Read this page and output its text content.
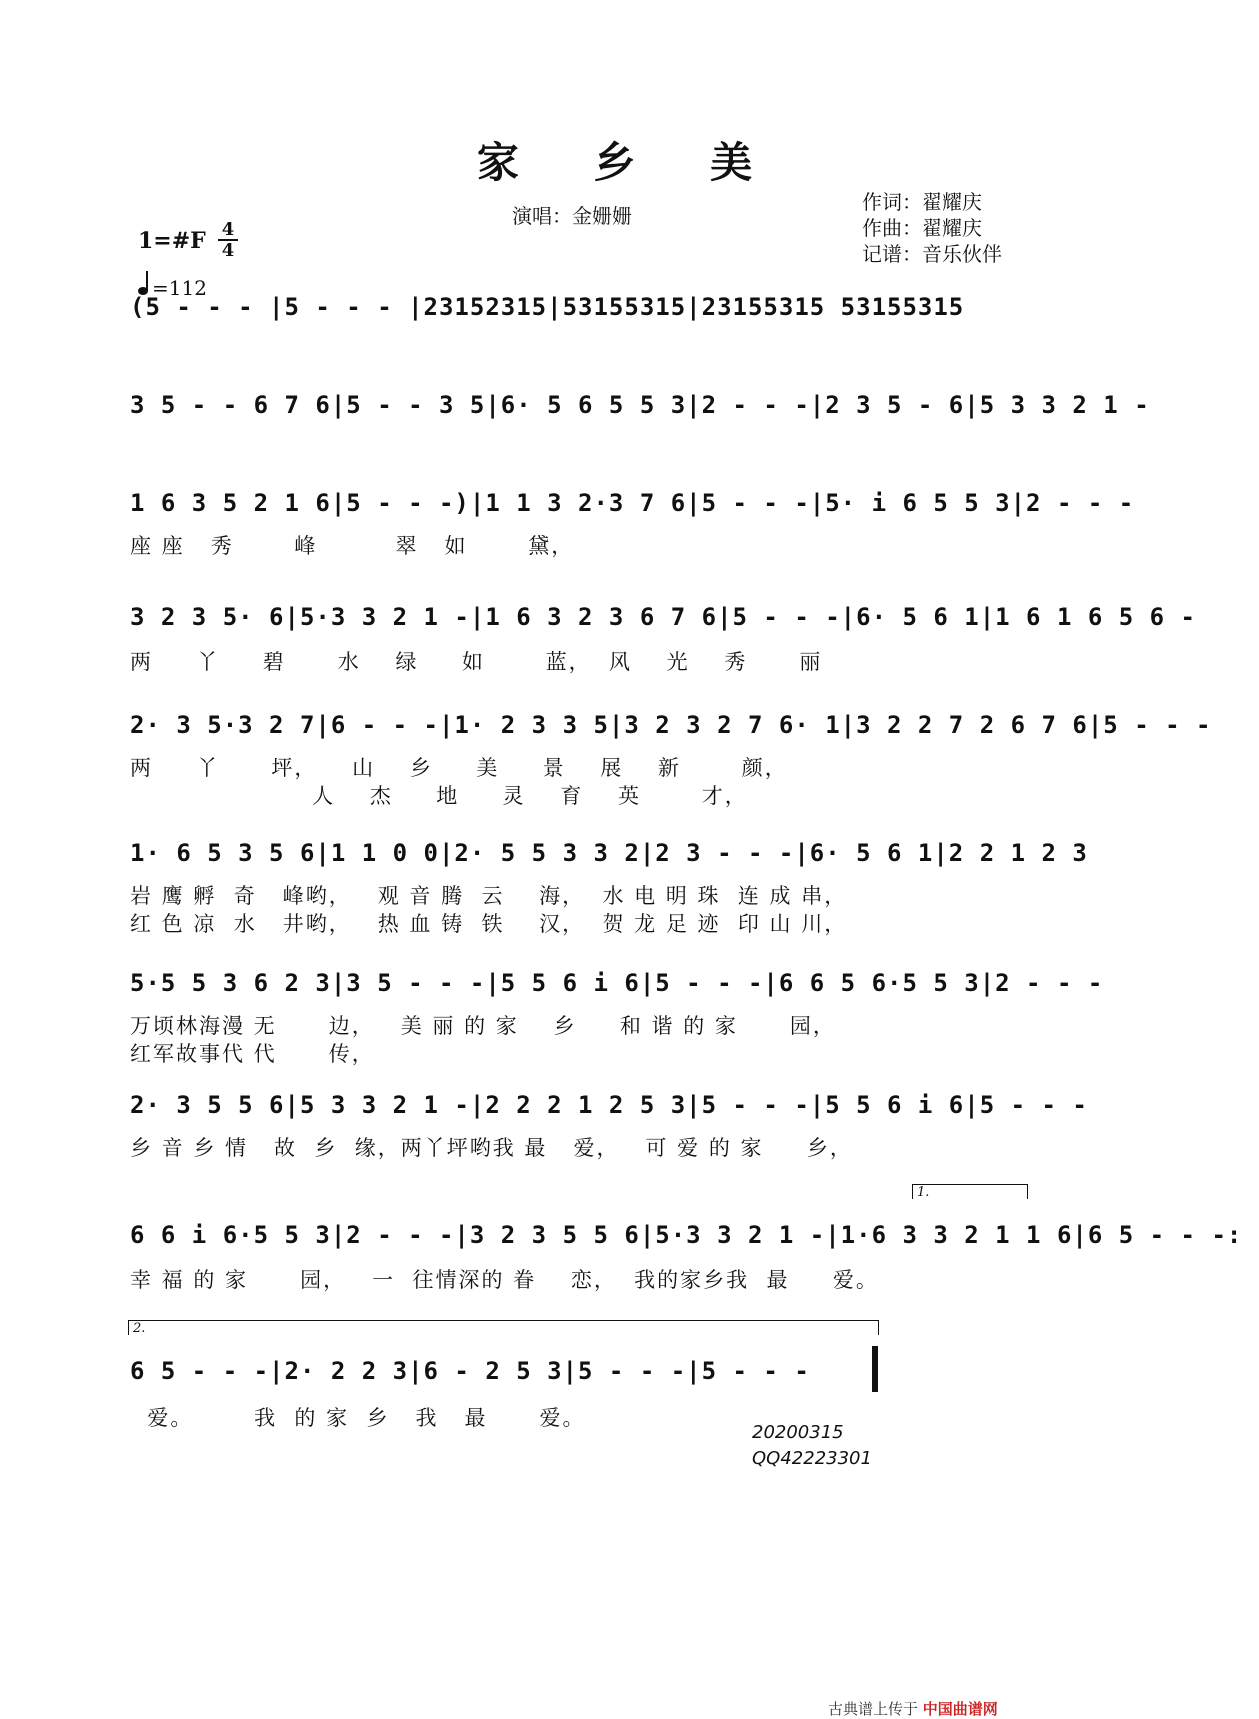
家 乡 美
演唱：金姗姗
作词：翟耀庆
作曲：翟耀庆
记谱：音乐伙伴
1=#F 4
4
=112
(5 - - - |5 - - - |23152315|53155315|23155315 53155315
3 5 - - 6 7 6|5 - - 3 5|6· 5 6 5 5 3|2 - - -|2 3 5 - 6|5 3 3 2 1 -
1 6 3 5 2 1 6|5 - - -)|1 1 3 2·3 7 6|5 - - -|5· i 6 5 5 3|2 - - -
座 座   秀       峰         翠   如       黛，
3 2 3 5· 6|5·3 3 2 1 -|1 6 3 2 3 6 7 6|5 - - -|6· 5 6 1|1 6 1 6 5 6 -
两     丫     碧      水    绿     如       蓝，  风    光    秀      丽
2· 3 5·3 2 7|6 - - -|1· 2 3 3 5|3 2 3 2 7 6· 1|3 2 2 7 2 6 7 6|5 - - -
两     丫      坪，    山    乡     美     景    展    新       颜，
人    杰     地     灵    育    英       才，
1· 6 5 3 5 6|1 1 0 0|2· 5 5 3 3 2|2 3 - - -|6· 5 6 1|2 2 1 2 3
岩 鹰 孵  奇   峰哟，   观 音 腾  云    海，  水 电 明 珠  连 成 串，
红 色 凉  水   井哟，   热 血 铸  铁    汉，  贺 龙 足 迹  印 山 川，
5·5 5 3 6 2 3|3 5 - - -|5 5 6 i 6|5 - - -|6 6 5 6·5 5 3|2 - - -
万顷林海漫 无      边，   美 丽 的 家    乡     和 谐 的 家      园，
红军故事代 代      传，
2· 3 5 5 6|5 3 3 2 1 -|2 2 2 1 2 5 3|5 - - -|5 5 6 i 6|5 - - -
乡 音 乡 情   故  乡  缘，两丫坪哟我 最   爱，   可 爱 的 家     乡，
1.
6 6 i 6·5 5 3|2 - - -|3 2 3 5 5 6|5·3 3 2 1 -|1·6 3 3 2 1 1 6|6 5 - - -:
幸 福 的 家      园，   一  往情深的 眷    恋，  我的家乡我  最     爱。
2.
6 5 - - -|2· 2 2 3|6 - 2 5 3|5 - - -|5 - - -
爱。       我  的 家  乡   我   最      爱。
20200315
QQ42223301
古典谱上传于 中国曲谱网
